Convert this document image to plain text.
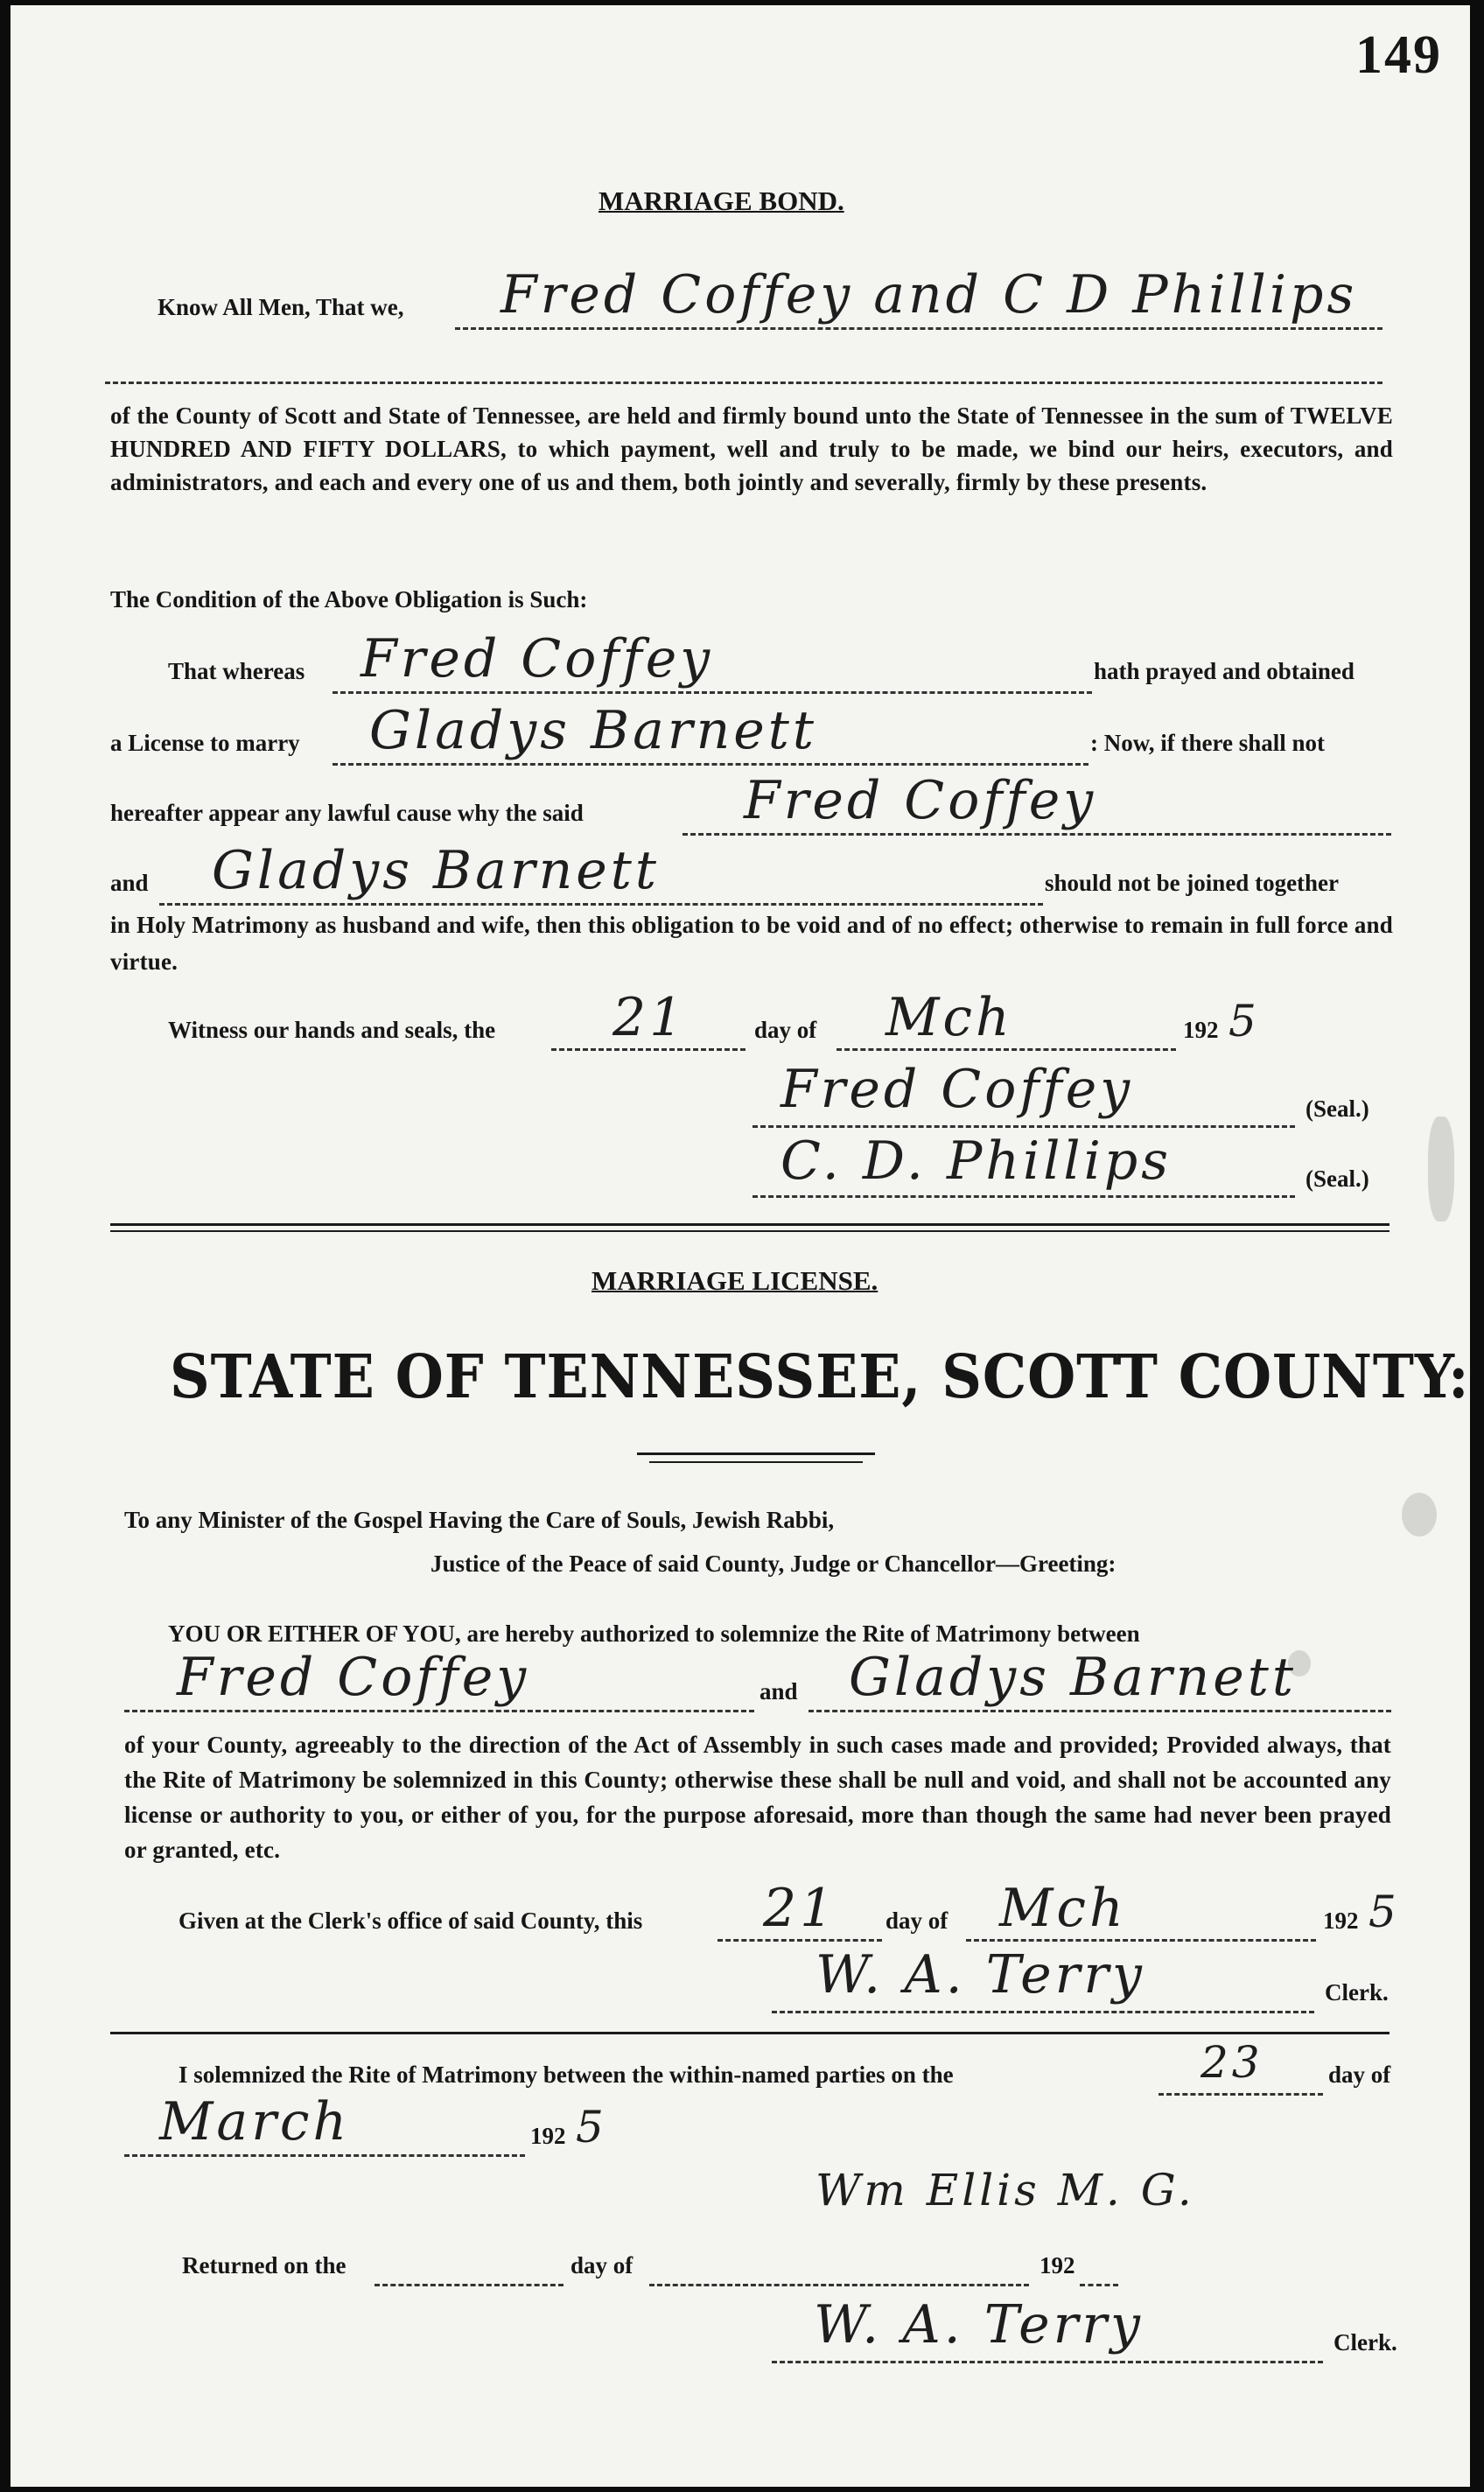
149
MARRIAGE BOND.
Know All Men, That we, Fred Coffey and C D Phillips
of the County of Scott and State of Tennessee, are held and firmly bound unto the State of Tennessee in the sum of TWELVE HUNDRED AND FIFTY DOLLARS, to which payment, well and truly to be made, we bind our heirs, executors, and administrators, and each and every one of us and them, both jointly and severally, firmly by these presents.
The Condition of the Above Obligation is Such:
That whereas Fred Coffey	hath prayed and obtained
a License to marry Gladys Barnett	: Now, if there shall not
hereafter appear any lawful cause why the said	Fred Coffey
and Gladys Barnett	should not be joined together
in Holy Matrimony as husband and wife, then this obligation to be void and of no effect; otherwise to remain in full force and virtue.
Witness our hands and seals, the 21	day of Mch	192 5
Fred Coffey	(Seal.)
C. D. Phillips	(Seal.)
MARRIAGE LICENSE.
STATE OF TENNESSEE, SCOTT COUNTY:
To any Minister of the Gospel Having the Care of Souls, Jewish Rabbi,
Justice of the Peace of said County, Judge or Chancellor—Greeting:
YOU OR EITHER OF YOU, are hereby authorized to solemnize the Rite of Matrimony between
Fred Coffey	and Gladys Barnett
of your County, agreeably to the direction of the Act of Assembly in such cases made and provided; Provided always, that the Rite of Matrimony be solemnized in this County; otherwise these shall be null and void, and shall not be accounted any license or authority to you, or either of you, for the purpose aforesaid, more than though the same had never been prayed or granted, etc.
Given at the Clerk's office of said County, this 21 day of Mch	192 5
W. A. Terry	Clerk.
I solemnized the Rite of Matrimony between the within-named parties on the	23	day of
March	192 5
Wm Ellis M. G.
Returned on the	day of	192
W. A. Terry	Clerk.
